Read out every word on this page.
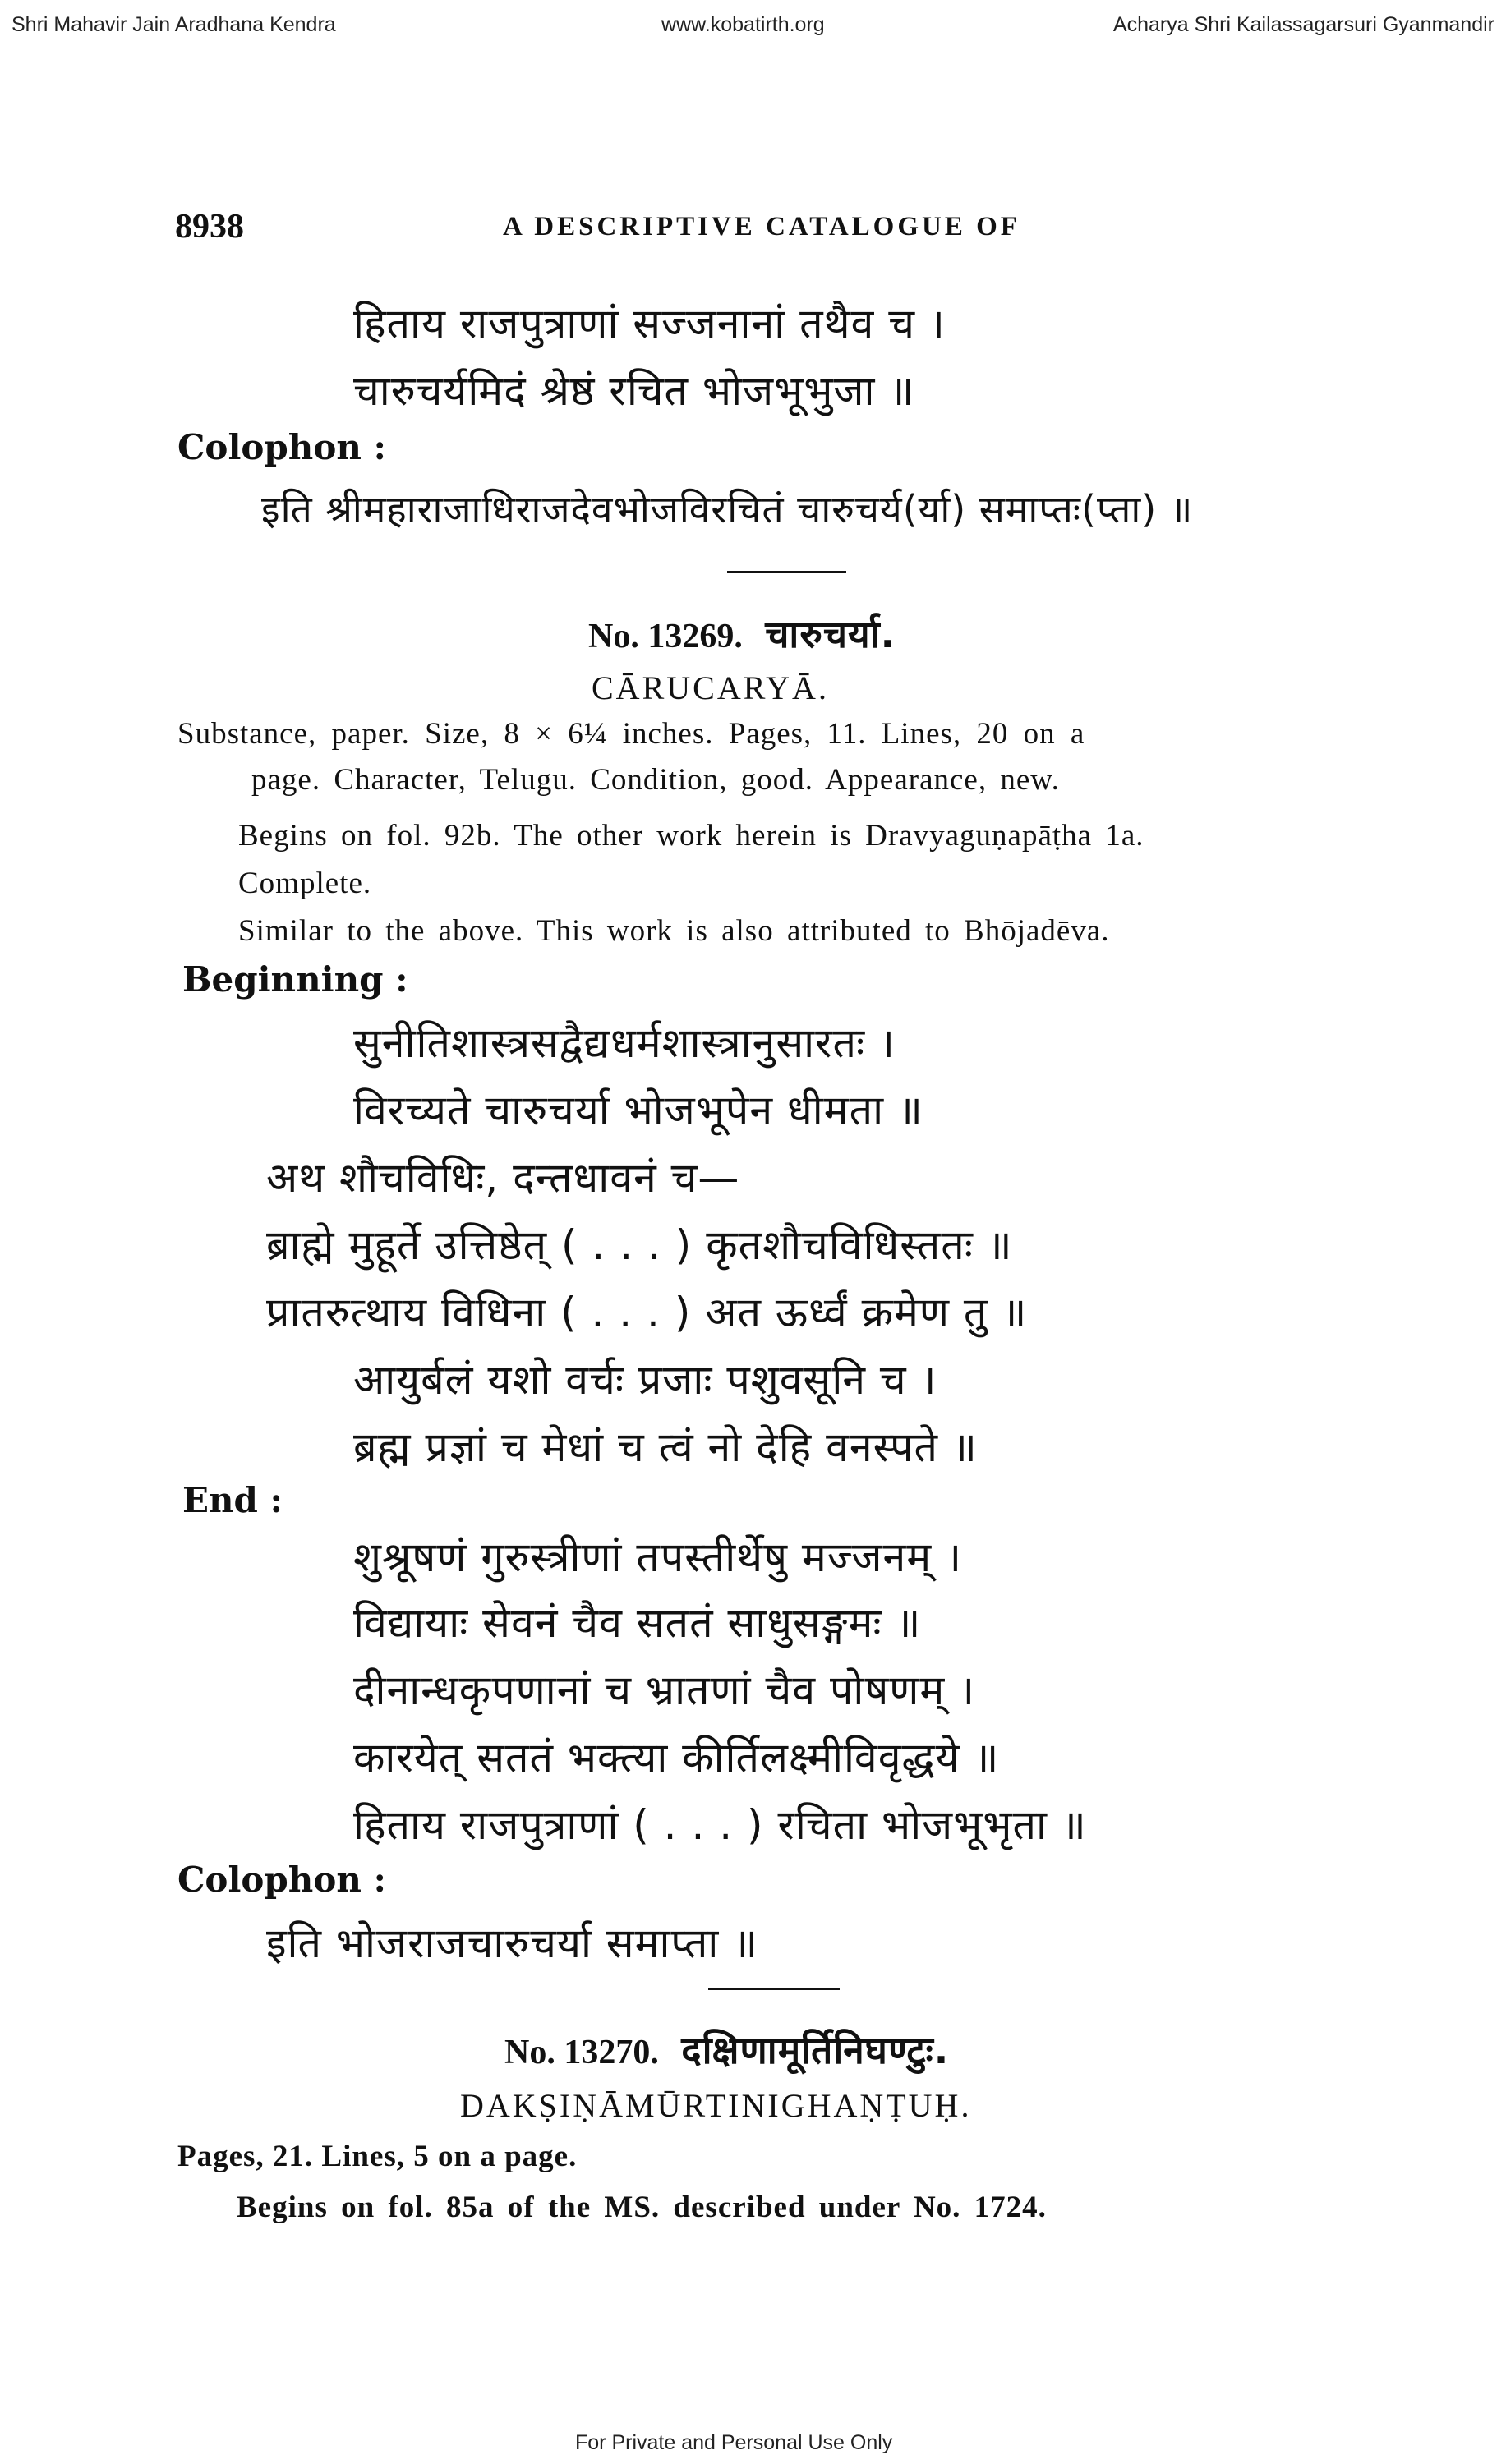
Shri Mahavir Jain Aradhana Kendra	www.kobatirth.org	Acharya Shri Kailassagarsuri Gyanmandir
8938	A DESCRIPTIVE CATALOGUE OF
हिताय राजपुत्राणां सज्जनानां तथैव च ।
चारुचर्यमिदं श्रेष्ठं रचित भोजभूभुजा ॥
Colophon :
इति श्रीमहाराजाधिराजदेवभोजविरचितं चारुचर्य(र्या) समाप्तः(प्ता) ॥
No. 13269. चारुचर्या.
CĀRUCARYĀ.
Substance, paper. Size, 8 × 6¼ inches. Pages, 11. Lines, 20 on a
page. Character, Telugu. Condition, good. Appearance, new.
Begins on fol. 92b. The other work herein is Dravyaguṇapāṭha 1a.
Complete.
Similar to the above. This work is also attributed to Bhōjadēva.
Beginning :
सुनीतिशास्त्रसद्वैद्यधर्मशास्त्रानुसारतः ।
विरच्यते चारुचर्या भोजभूपेन धीमता ॥
अथ शौचविधिः, दन्तधावनं च—
ब्राह्मे मुहूर्ते उत्तिष्ठेत् ( . . . ) कृतशौचविधिस्ततः ॥
प्रातरुत्थाय विधिना ( . . . ) अत ऊर्ध्वं क्रमेण तु ॥
आयुर्बलं यशो वर्चः प्रजाः पशुवसूनि च ।
ब्रह्म प्रज्ञां च मेधां च त्वं नो देहि वनस्पते ॥
End :
शुश्रूषणं गुरुस्त्रीणां तपस्तीर्थेषु मज्जनम् ।
विद्यायाः सेवनं चैव सततं साधुसङ्गमः ॥
दीनान्धकृपणानां च भ्रातणां चैव पोषणम् ।
कारयेत् सततं भक्त्या कीर्तिलक्ष्मीविवृद्धये ॥
हिताय राजपुत्राणां ( . . . ) रचिता भोजभूभृता ॥
Colophon :
इति भोजराजचारुचर्या समाप्ता ॥
No. 13270. दक्षिणामूर्तिनिघण्टुः.
DAKṢIṆĀMŪRTINIGHAṆṬUḤ.
Pages, 21. Lines, 5 on a page.
Begins on fol. 85a of the MS. described under No. 1724.
For Private and Personal Use Only
